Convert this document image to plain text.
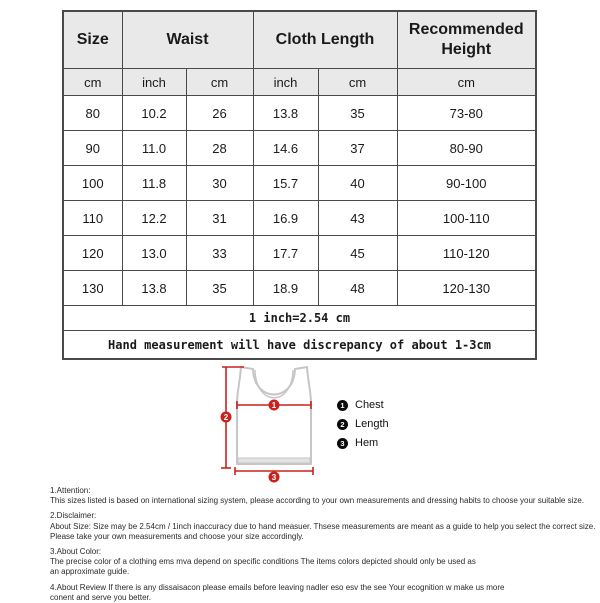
Size	Waist		Cloth Length		Recommended Height
cm	inch	cm	inch	cm	cm
80	10.2	26	13.8	35	73-80
90	11.0	28	14.6	37	80-90
100	11.8	30	15.7	40	90-100
110	12.2	31	16.9	43	100-110
120	13.0	33	17.7	45	110-120
130	13.8	35	18.9	48	120-130
1 inch=2.54 cm					
Hand measurement will have discrepancy of about 1-3cm					
1
2
3
1 Chest
2 Length
3 Hem
1.Attention:
This sizes listed is based on international sizing system, please according to your own measurements and dressing habits to choose your suitable size.
2.Disclaimer:
About Size: Size may be 2.54cm / 1inch inaccuracy due to hand measuer. Thsese measurements are meant as a guide to help you select the correct size.
Please take your own measurements and choose your size accordingly.
3.About Color:
The precise color of a clothing ems mva depend on specific conditions The items colors depicted should only be used as
an approximate guide.
4.About Review If there is any dissaisacon please emails before leaving nadler eso esv the see Your ecognition w make us more
conent and serve you better.
